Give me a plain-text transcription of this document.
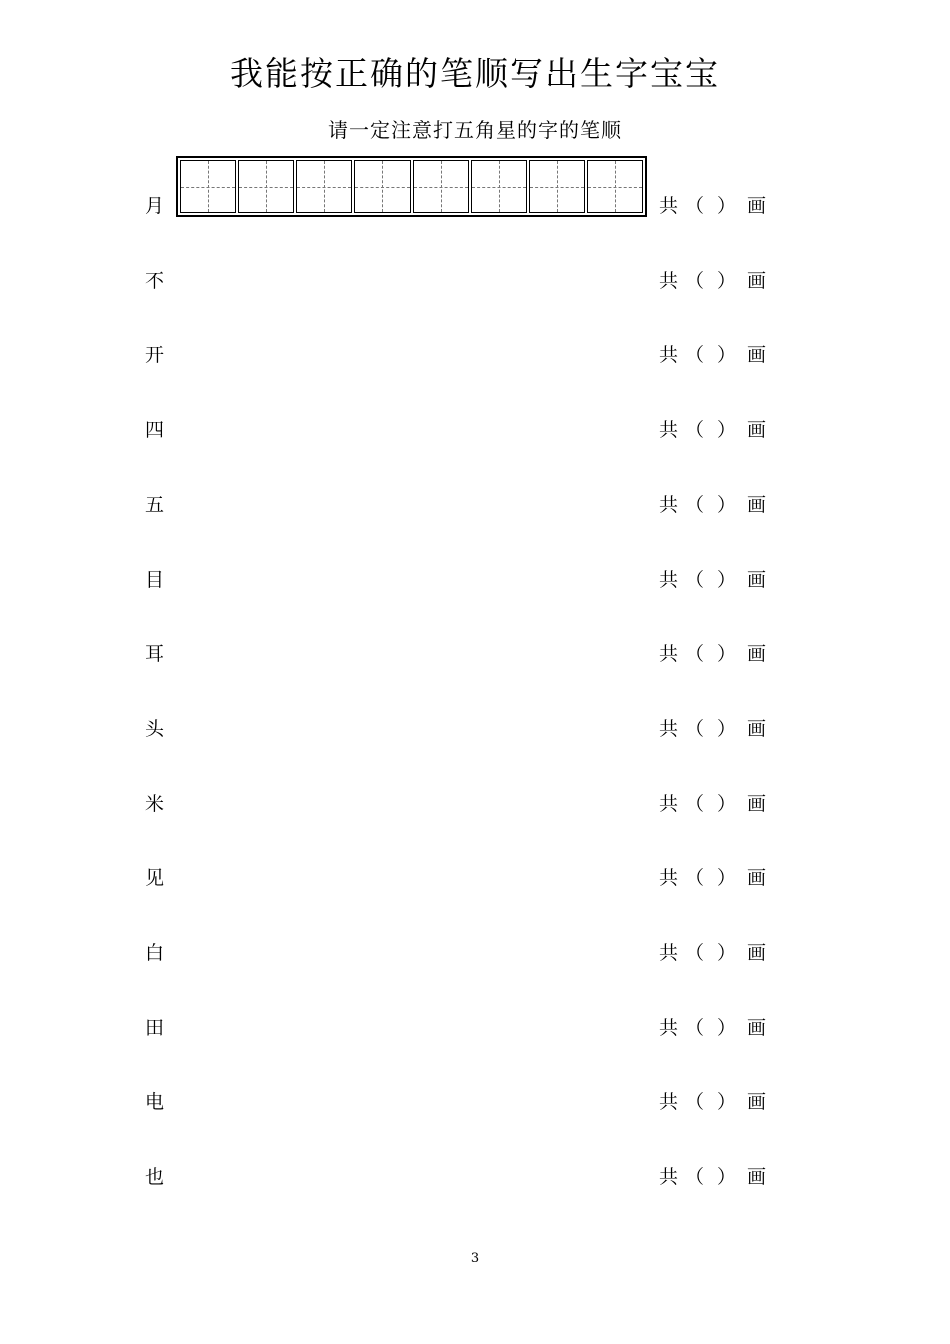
我能按正确的笔顺写出生字宝宝
请一定注意打五角星的字的笔顺
月	共 （ ） 画
不	共 （ ） 画
开	共 （ ） 画
四	共 （ ） 画
五	共 （ ） 画
目	共 （ ） 画
耳	共 （ ） 画
头	共 （ ） 画
米	共 （ ） 画
见	共 （ ） 画
白	共 （ ） 画
田	共 （ ） 画
电	共 （ ） 画
也	共 （ ） 画
3
